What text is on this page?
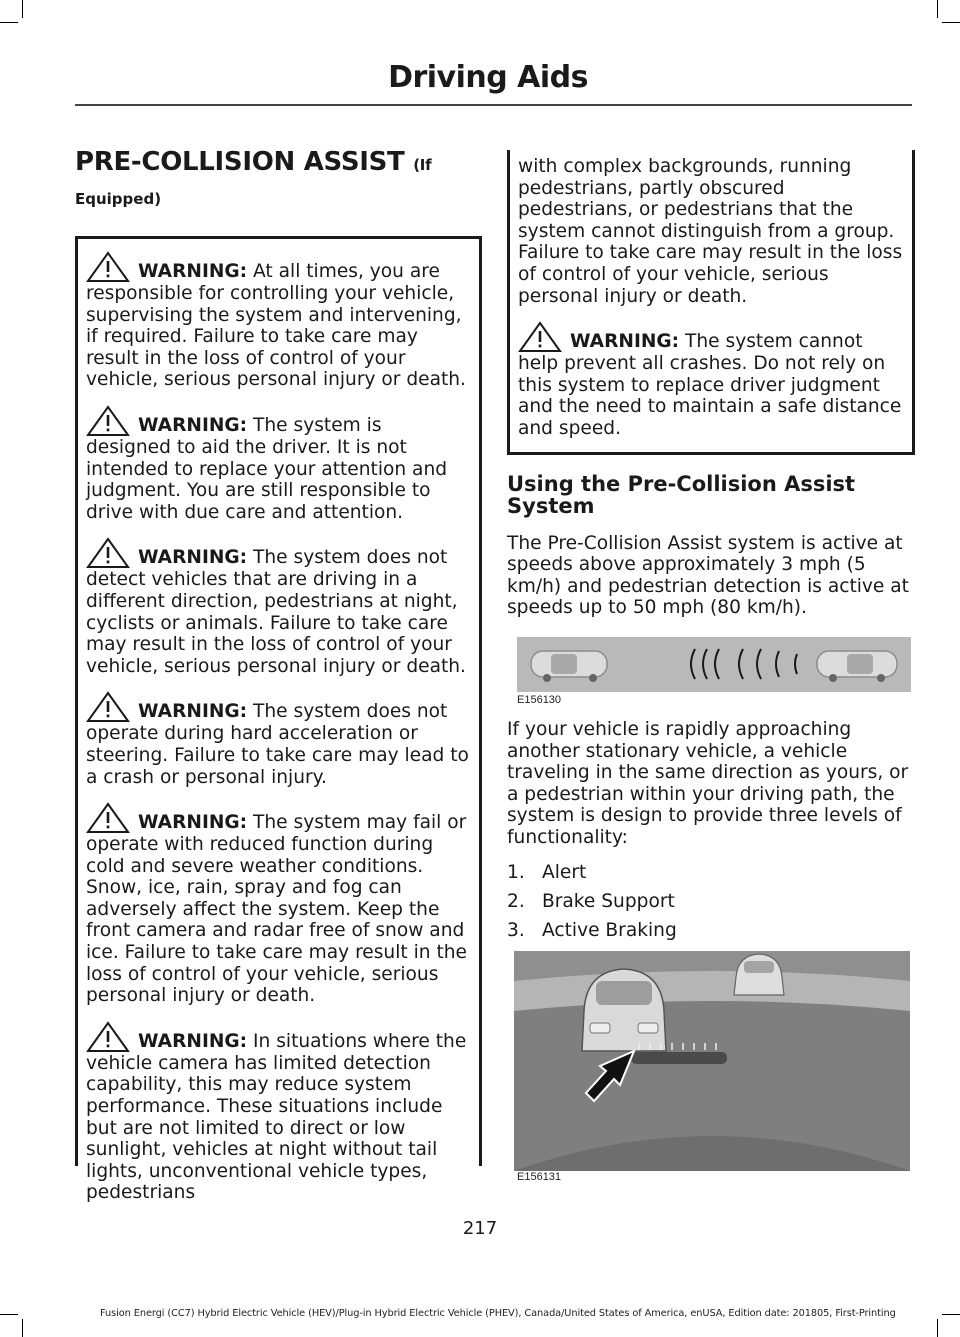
Driving Aids
PRE-COLLISION ASSIST (If
Equipped)

WARNING: At all times, you are responsible for controlling your vehicle, supervising the system and intervening, if required. Failure to take care may result in the loss of control of your vehicle, serious personal injury or death.

WARNING: The system is designed to aid the driver. It is not intended to replace your attention and judgment. You are still responsible to drive with due care and attention.

WARNING: The system does not detect vehicles that are driving in a different direction, pedestrians at night, cyclists or animals. Failure to take care may result in the loss of control of your vehicle, serious personal injury or death.

WARNING: The system does not operate during hard acceleration or steering. Failure to take care may lead to a crash or personal injury.

WARNING: The system may fail or operate with reduced function during cold and severe weather conditions. Snow, ice, rain, spray and fog can adversely affect the system. Keep the front camera and radar free of snow and ice. Failure to take care may result in the loss of control of your vehicle, serious personal injury or death.

WARNING: In situations where the vehicle camera has limited detection capability, this may reduce system performance. These situations include but are not limited to direct or low sunlight, vehicles at night without tail lights, unconventional vehicle types, pedestrians

with complex backgrounds, running pedestrians, partly obscured pedestrians, or pedestrians that the system cannot distinguish from a group. Failure to take care may result in the loss of control of your vehicle, serious personal injury or death.

WARNING: The system cannot help prevent all crashes. Do not rely on this system to replace driver judgment and the need to maintain a safe distance and speed.

Using the Pre-Collision Assist System

The Pre-Collision Assist system is active at speeds above approximately 3 mph (5 km/h) and pedestrian detection is active at speeds up to 50 mph (80 km/h).

E156130

If your vehicle is rapidly approaching another stationary vehicle, a vehicle traveling in the same direction as yours, or a pedestrian within your driving path, the system is design to provide three levels of functionality:

1. Alert
2. Brake Support
3. Active Braking
E156131
217
Fusion Energi (CC7) Hybrid Electric Vehicle (HEV)/Plug-in Hybrid Electric Vehicle (PHEV), Canada/United States of America, enUSA, Edition date: 201805, First-Printing
